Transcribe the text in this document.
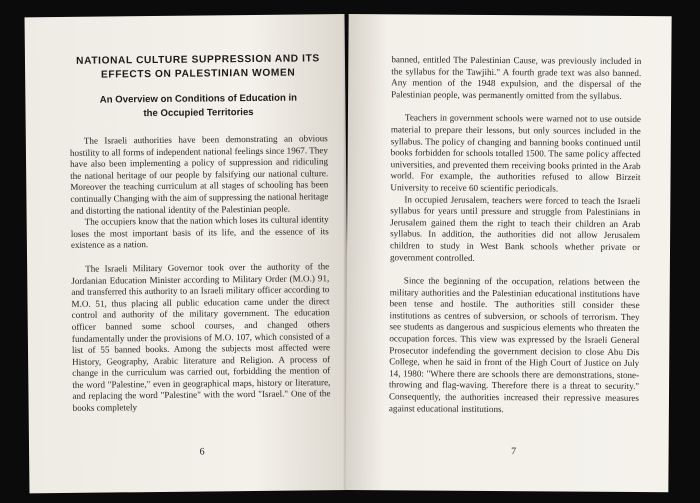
NATIONAL CULTURE SUPPRESSION AND ITS
EFFECTS ON PALESTINIAN WOMEN
An Overview on Conditions of Education in
the Occupied Territories

The Israeli authorities have been demonstrating an obvious hostility to all forms of independent national feelings since 1967. They have also been implementing a policy of suppression and ridiculing the national heritage of our people by falsifying our national culture. Moreover the teaching curriculum at all stages of schooling has been continually Changing with the aim of suppressing the national heritage and distorting the national identity of the Palestinian people.

The occupiers know that the nation which loses its cultural identity loses the most important basis of its life, and the essence of its existence as a nation.

The Israeli Military Governor took over the authority of the Jordanian Education Minister according to Military Order (M.O.) 91, and transferred this authority to an Israeli military officer according to M.O. 51, thus placing all public education came under the direct control and authority of the military government. The education officer banned some school courses, and changed others fundamentally under the provisions of M.O. 107, which consisted of a list of 55 banned books. Among the subjects most affected were History, Geography, Arabic literature and Religion. A process of change in the curriculum was carried out, forbidding the mention of the word "Palestine," even in geographical maps, history or literature, and replacing the word "Palestine" with the word "Israel." One of the books completely

6

banned, entitled The Palestinian Cause, was previously included in the syllabus for the Tawjihi." A fourth grade text was also banned. Any mention of the 1948 expulsion, and the dispersal of the Palestinian people, was permanently omitted from the syllabus.

Teachers in government schools were warned not to use outside material to prepare their lessons, but only sources included in the syllabus. The policy of changing and banning books continued until books forbidden for schools totalled 1500. The same policy affected universities, and prevented them receiving books printed in the Arab world. For example, the authorities refused to allow Birzeit University to receive 60 scientific periodicals.

In occupied Jerusalem, teachers were forced to teach the Israeli syllabus for years until pressure and struggle from Palestinians in Jerusalem gained them the right to teach their children an Arab syllabus. In addition, the authorities did not allow Jerusalem children to study in West Bank schools whether private or government controlled.

Since the beginning of the occupation, relations between the military authorities and the Palestinian educational institutions have been tense and hostile. The authorities still consider these institutions as centres of subversion, or schools of terrorism. They see students as dangerous and suspicious elements who threaten the occupation forces. This view was expressed by the Israeli General Prosecutor indefending the government decision to close Abu Dis College, when he said in front of the High Court of Justice on July 14, 1980: "Where there are schools there are demonstrations, stone-throwing and flag-waving. Therefore there is a threat to security." Consequently, the authorities increased their repressive measures against educational institutions.

7
